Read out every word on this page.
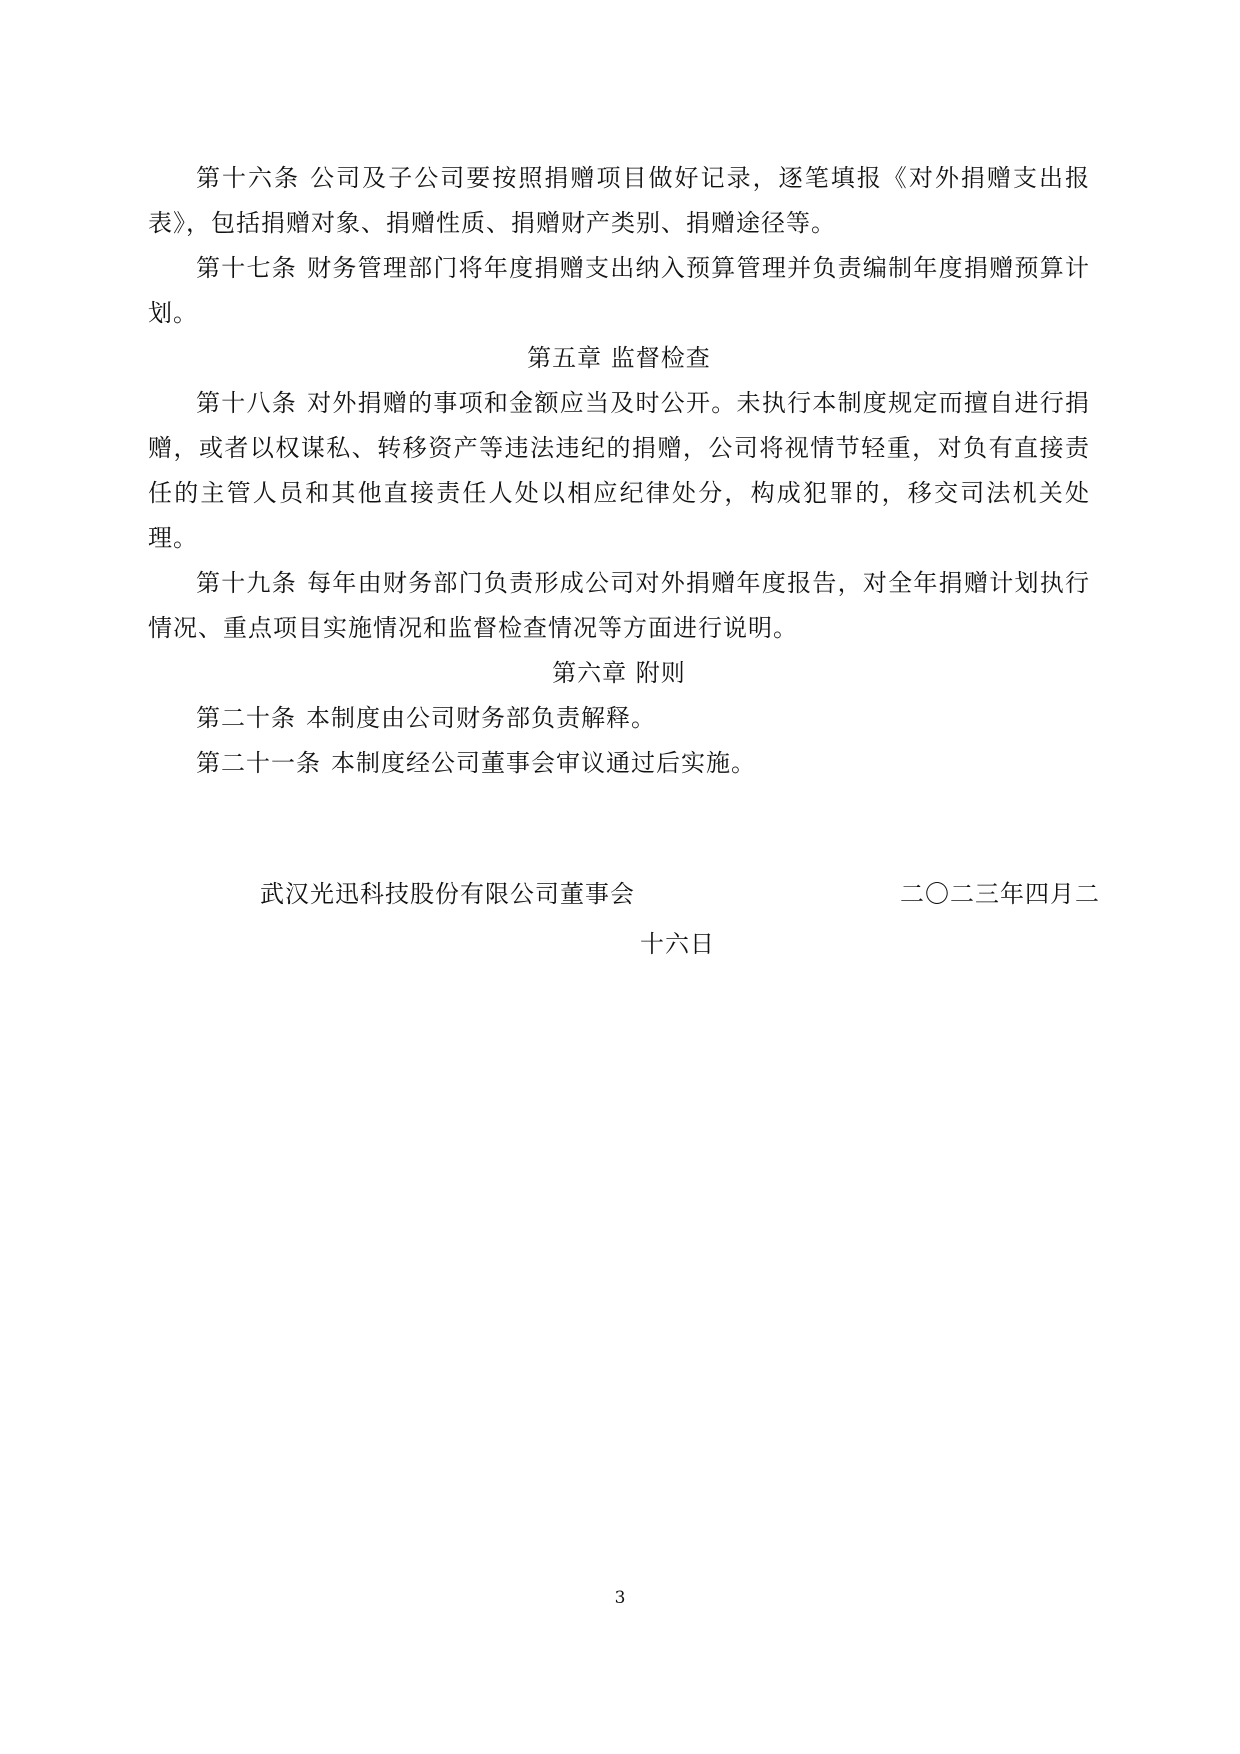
第十六条 公司及子公司要按照捐赠项目做好记录，逐笔填报《对外捐赠支出报表》，包括捐赠对象、捐赠性质、捐赠财产类别、捐赠途径等。

第十七条 财务管理部门将年度捐赠支出纳入预算管理并负责编制年度捐赠预算计划。

第五章 监督检查

第十八条 对外捐赠的事项和金额应当及时公开。未执行本制度规定而擅自进行捐赠，或者以权谋私、转移资产等违法违纪的捐赠，公司将视情节轻重，对负有直接责任的主管人员和其他直接责任人处以相应纪律处分，构成犯罪的，移交司法机关处理。

第十九条 每年由财务部门负责形成公司对外捐赠年度报告，对全年捐赠计划执行情况、重点项目实施情况和监督检查情况等方面进行说明。

第六章 附则

第二十条 本制度由公司财务部负责解释。

第二十一条 本制度经公司董事会审议通过后实施。

武汉光迅科技股份有限公司董事会	二〇二三年四月二
十六日
3
